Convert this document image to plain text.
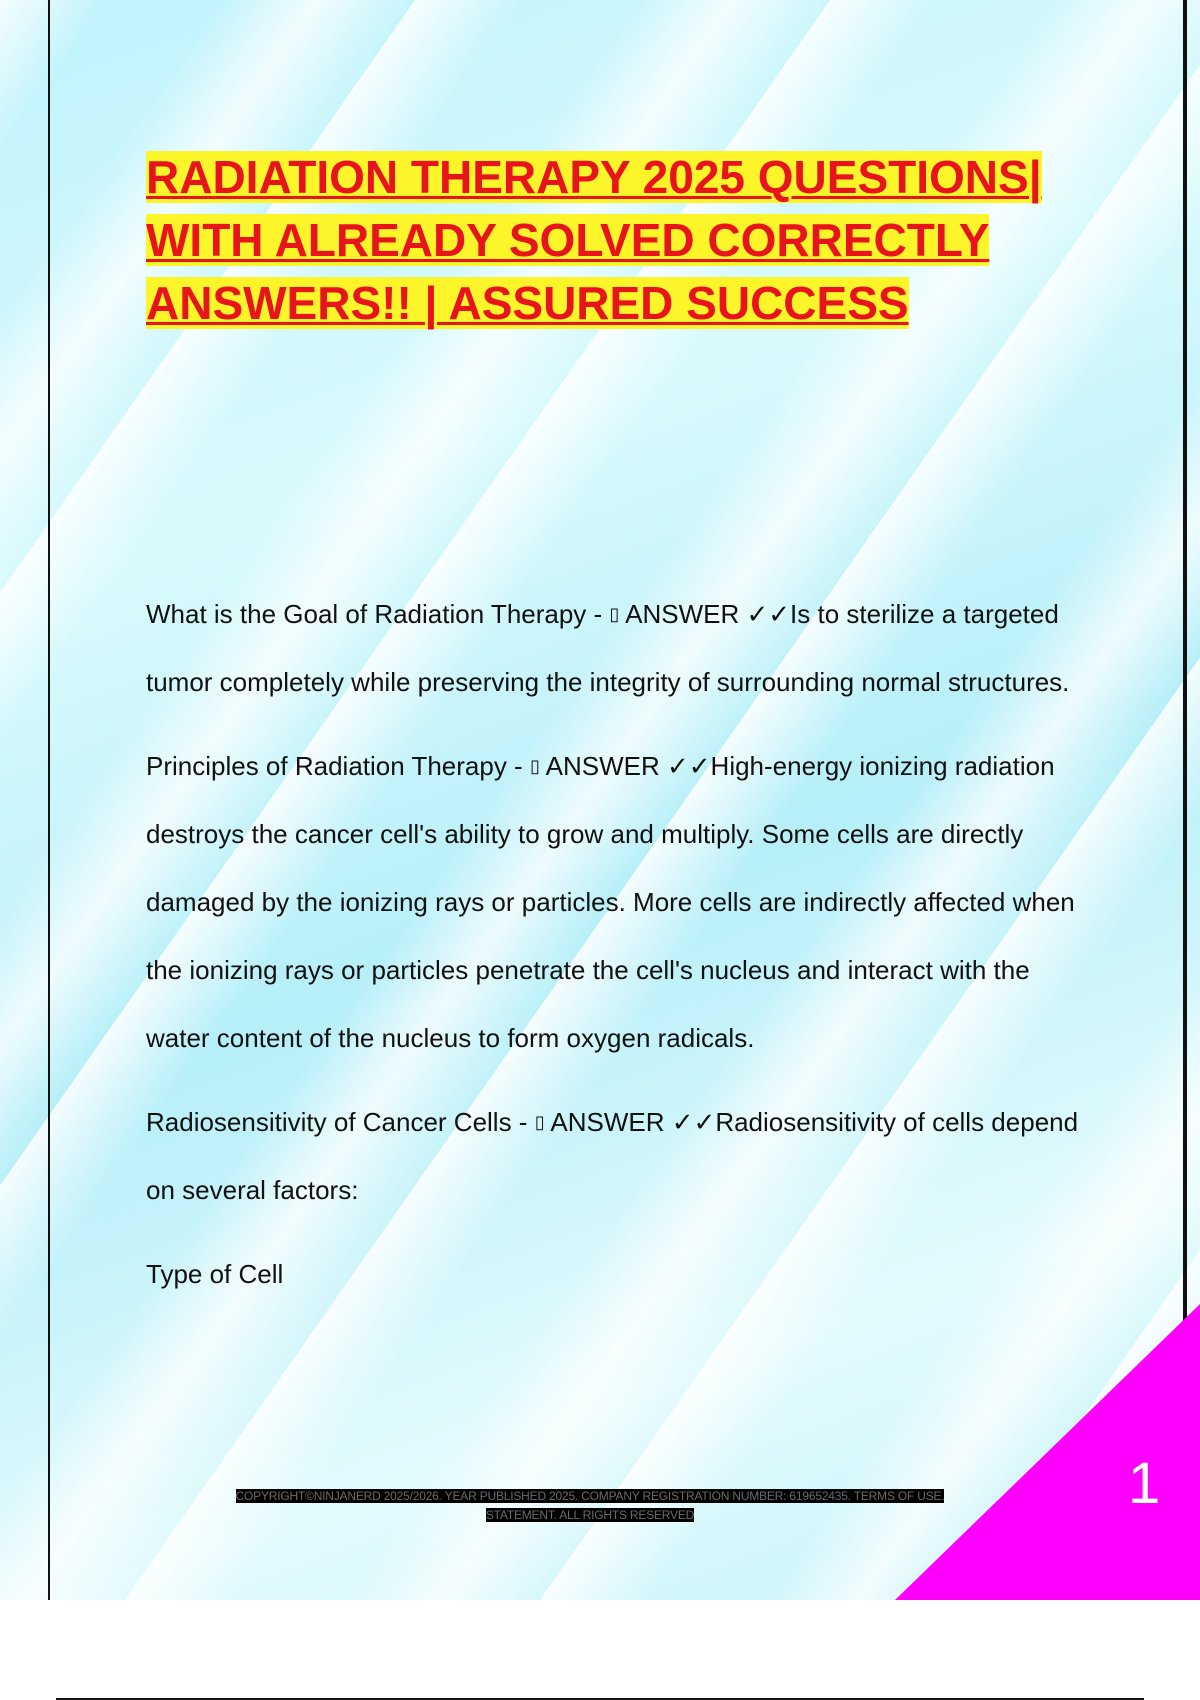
RADIATION THERAPY 2025 QUESTIONS| WITH ALREADY SOLVED CORRECTLY ANSWERS!! | ASSURED SUCCESS

What is the Goal of Radiation Therapy - ▯ ANSWER ✓✓Is to sterilize a targeted tumor completely while preserving the integrity of surrounding normal structures.

Principles of Radiation Therapy - ▯ ANSWER ✓✓High-energy ionizing radiation destroys the cancer cell's ability to grow and multiply. Some cells are directly damaged by the ionizing rays or particles. More cells are indirectly affected when the ionizing rays or particles penetrate the cell's nucleus and interact with the water content of the nucleus to form oxygen radicals.

Radiosensitivity of Cancer Cells - ▯ ANSWER ✓✓Radiosensitivity of cells depend on several factors:

Type of Cell

1
COPYRIGHT©NINJANERD 2025/2026. YEAR PUBLISHED 2025. COMPANY REGISTRATION NUMBER: 619652435. TERMS OF USE.
STATEMENT. ALL RIGHTS RESERVED
